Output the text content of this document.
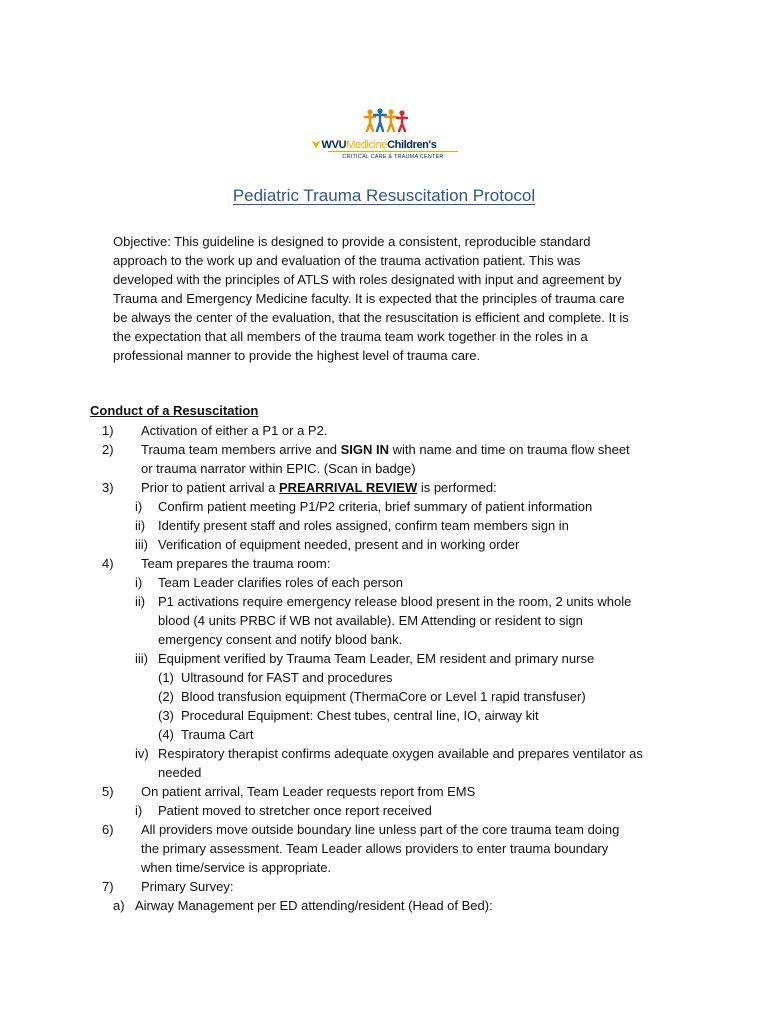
⮟WVUMedicineChildren's
CRITICAL CARE & TRAUMA CENTER
Pediatric Trauma Resuscitation Protocol
Objective: This guideline is designed to provide a consistent, reproducible standard
approach to the work up and evaluation of the trauma activation patient. This was
developed with the principles of ATLS with roles designated with input and agreement by
Trauma and Emergency Medicine faculty. It is expected that the principles of trauma care
be always the center of the evaluation, that the resuscitation is efficient and complete. It is
the expectation that all members of the trauma team work together in the roles in a
professional manner to provide the highest level of trauma care.
Conduct of a Resuscitation
1) Activation of either a P1 or a P2.
2) Trauma team members arrive and SIGN IN with name and time on trauma flow sheet
or trauma narrator within EPIC. (Scan in badge)
3) Prior to patient arrival a PREARRIVAL REVIEW is performed:
i) Confirm patient meeting P1/P2 criteria, brief summary of patient information
ii) Identify present staff and roles assigned, confirm team members sign in
iii) Verification of equipment needed, present and in working order
4) Team prepares the trauma room:
i) Team Leader clarifies roles of each person
ii) P1 activations require emergency release blood present in the room, 2 units whole
blood (4 units PRBC if WB not available). EM Attending or resident to sign
emergency consent and notify blood bank.
iii) Equipment verified by Trauma Team Leader, EM resident and primary nurse
(1) Ultrasound for FAST and procedures
(2) Blood transfusion equipment (ThermaCore or Level 1 rapid transfuser)
(3) Procedural Equipment: Chest tubes, central line, IO, airway kit
(4) Trauma Cart
iv) Respiratory therapist confirms adequate oxygen available and prepares ventilator as
needed
5) On patient arrival, Team Leader requests report from EMS
i) Patient moved to stretcher once report received
6) All providers move outside boundary line unless part of the core trauma team doing
the primary assessment. Team Leader allows providers to enter trauma boundary
when time/service is appropriate.
7) Primary Survey:
a) Airway Management per ED attending/resident (Head of Bed):
